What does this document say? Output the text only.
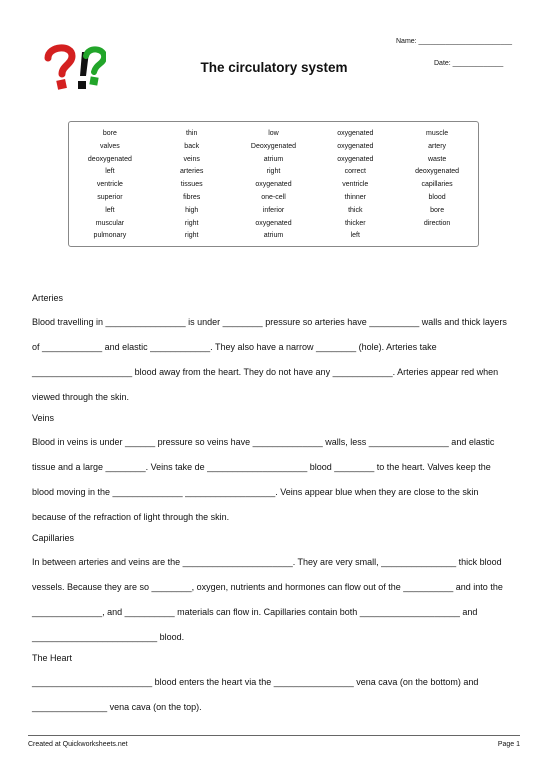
Name: ________________________
Date: _____________
The circulatory system
bore	thin	low	oxygenated	muscle
valves	back	Deoxygenated	oxygenated	artery
deoxygenated	veins	atrium	oxygenated	waste
left	arteries	right	correct	deoxygenated
ventricle	tissues	oxygenated	ventricle	capillaries
superior	fibres	one-cell	thinner	blood
left	high	inferior	thick	bore
muscular	right	oxygenated	thicker	direction
pulmonary	right	atrium	left	

Arteries

Blood travelling in ________________ is under ________ pressure so arteries have __________ walls and thick layers of ____________ and elastic ____________. They also have a narrow ________ (hole). Arteries take ____________________ blood away from the heart. They do not have any ____________. Arteries appear red when viewed through the skin.

Veins

Blood in veins is under ______ pressure so veins have ______________ walls, less ________________ and elastic tissue and a large ________. Veins take de ____________________ blood ________ to the heart. Valves keep the blood moving in the ______________ __________________. Veins appear blue when they are close to the skin because of the refraction of light through the skin.

Capillaries

In between arteries and veins are the ______________________. They are very small, _______________ thick blood vessels. Because they are so ________, oxygen, nutrients and hormones can flow out of the __________ and into the ______________, and __________ materials can flow in. Capillaries contain both ____________________ and _________________________ blood.

The Heart

________________________ blood enters the heart via the ________________ vena cava (on the bottom) and _______________ vena cava (on the top).

Created at Quickworksheets.net	Page 1
